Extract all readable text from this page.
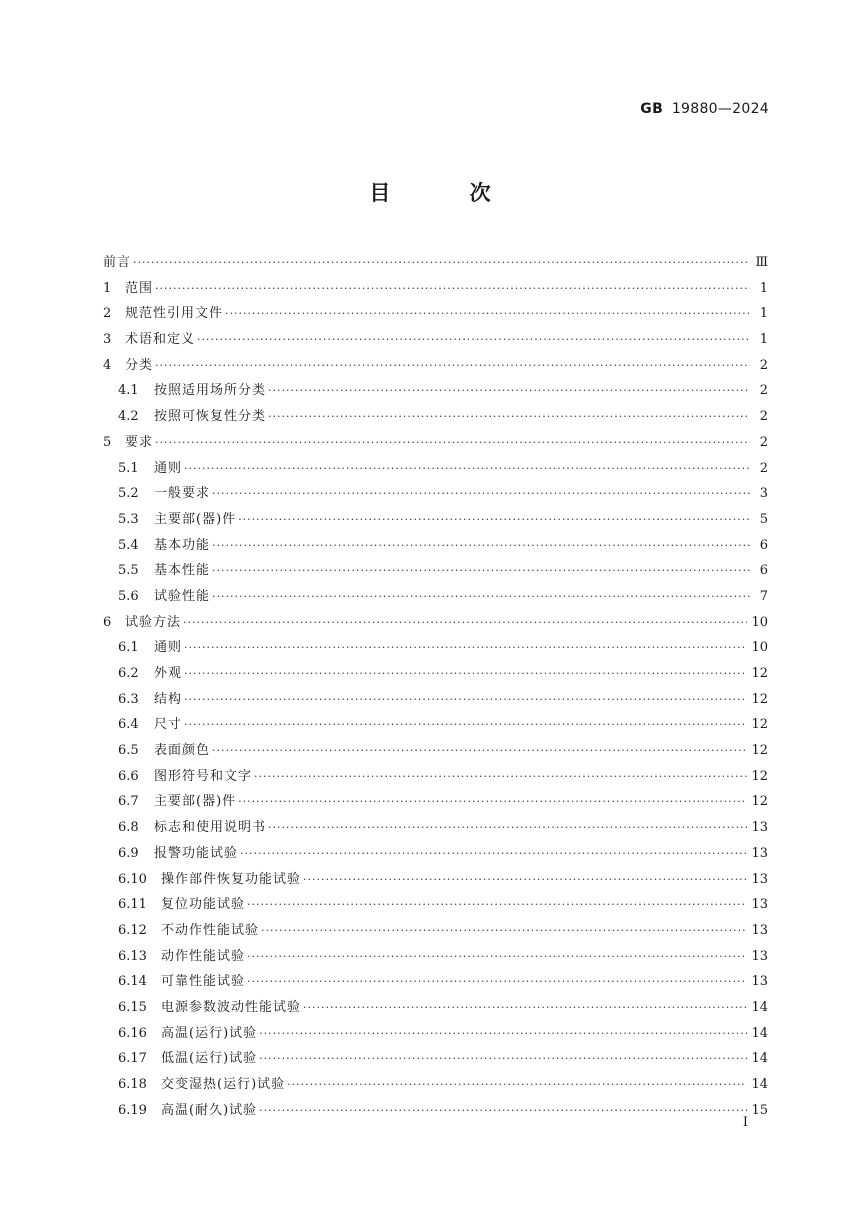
GB 19880—2024
目 次
前言 ·····	Ⅲ
1	范围 ·····	1
2	规范性引用文件 ·····	1
3	术语和定义 ·····	1
4	分类 ·····	2
4.1	按照适用场所分类 ·····	2
4.2	按照可恢复性分类 ·····	2
5	要求 ·····	2
5.1	通则 ·····	2
5.2	一般要求 ·····	3
5.3	主要部(器)件 ·····	5
5.4	基本功能 ·····	6
5.5	基本性能 ·····	6
5.6	试验性能 ·····	7
6	试验方法 ·····	10
6.1	通则 ·····	10
6.2	外观 ·····	12
6.3	结构 ·····	12
6.4	尺寸 ·····	12
6.5	表面颜色 ·····	12
6.6	图形符号和文字 ·····	12
6.7	主要部(器)件 ·····	12
6.8	标志和使用说明书 ·····	13
6.9	报警功能试验 ·····	13
6.10	操作部件恢复功能试验 ·····	13
6.11	复位功能试验 ·····	13
6.12	不动作性能试验 ·····	13
6.13	动作性能试验 ·····	13
6.14	可靠性能试验 ·····	13
6.15	电源参数波动性能试验 ·····	14
6.16	高温(运行)试验 ·····	14
6.17	低温(运行)试验 ·····	14
6.18	交变湿热(运行)试验 ·····	14
6.19	高温(耐久)试验 ·····	15
I
